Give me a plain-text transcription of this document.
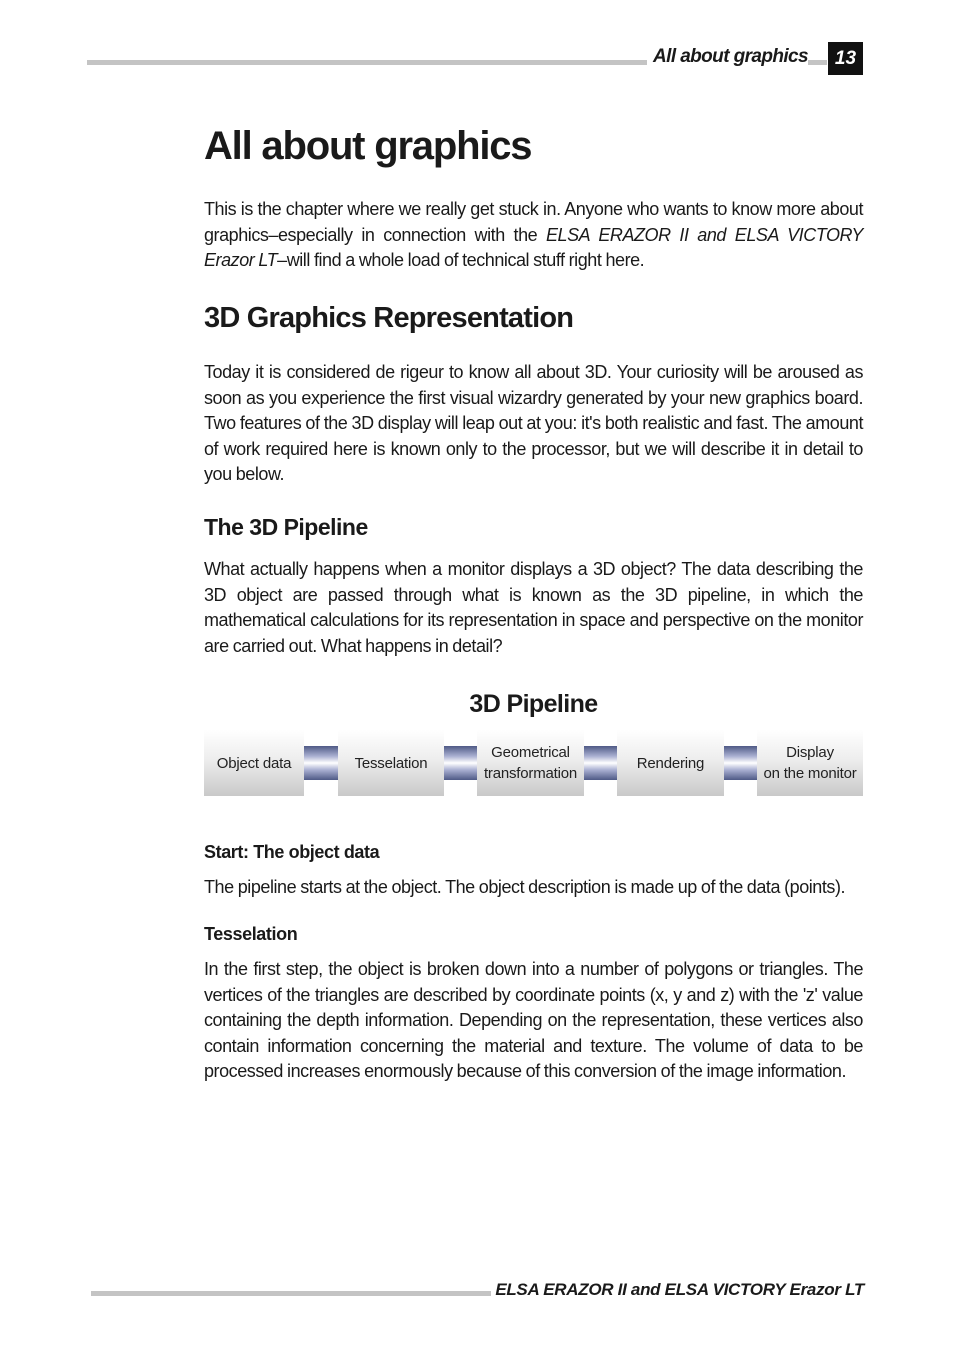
All about graphics	13
All about graphics

This is the chapter where we really get stuck in. Anyone who wants to know more about graphics–especially in connection with the ELSA ERAZOR II and ELSA VICTORY Erazor LT–will find a whole load of technical stuff right here.

3D Graphics Representation

Today it is considered de rigeur to know all about 3D. Your curiosity will be aroused as soon as you experience the first visual wizardry generated by your new graphics board. Two features of the 3D display will leap out at you: it's both realistic and fast. The amount of work required here is known only to the processor, but we will describe it in detail to you below.

The 3D Pipeline

What actually happens when a monitor displays a 3D object? The data describing the 3D object are passed through what is known as the 3D pipeline, in which the mathematical calculations for its representation in space and perspective on the monitor are carried out. What happens in detail?

3D Pipeline
Object data	Tesselation
Geometrical
transformation
Rendering
Display
on the monitor
Start: The object data

The pipeline starts at the object. The object description is made up of the data (points).

Tesselation

In the first step, the object is broken down into a number of polygons or triangles. The vertices of the triangles are described by coordinate points (x, y and z) with the 'z' value containing the depth information. Depending on the representation, these vertices also contain information concerning the material and texture. The volume of data to be processed increases enormously because of this conversion of the image information.

ELSA ERAZOR II and ELSA VICTORY Erazor LT
